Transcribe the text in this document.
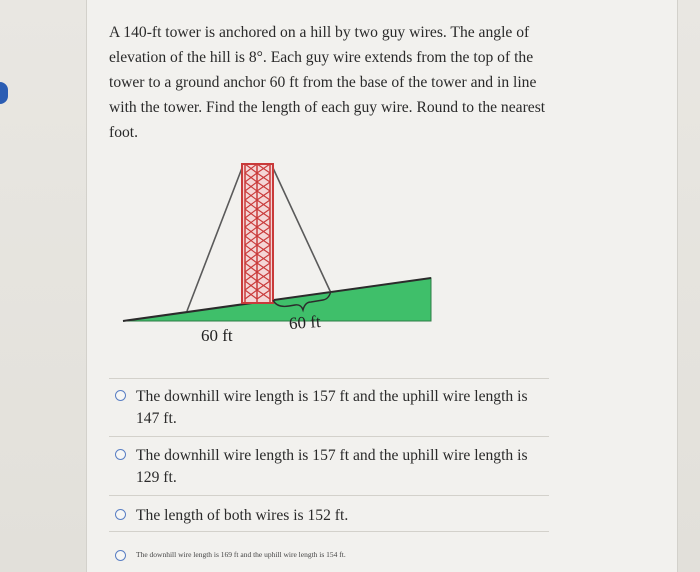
A 140-ft tower is anchored on a hill by two guy wires. The angle of elevation of the hill is 8°. Each guy wire extends from the top of the tower to a ground anchor 60 ft from the base of the tower and in line with the tower. Find the length of each guy wire. Round to the nearest foot.

60 ft
60 ft
The downhill wire length is 157 ft and the uphill wire length is 147 ft.
The downhill wire length is 157 ft and the uphill wire length is 129 ft.
The length of both wires is 152 ft.
The downhill wire length is 169 ft and the uphill wire length is 154 ft.
